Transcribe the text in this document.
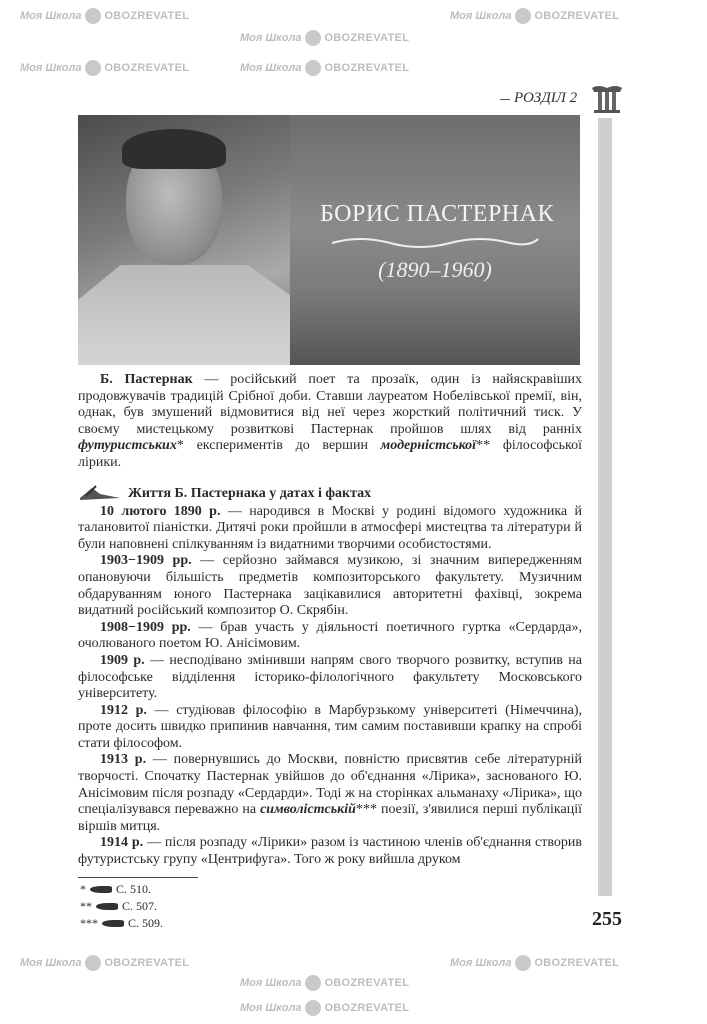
Моя Школа OBOZREVATEL
Моя Школа OBOZREVATEL
Моя Школа OBOZREVATEL
Моя Школа OBOZREVATEL	Моя Школа OBOZREVATEL
Моя Школа OBOZREVATEL
Моя Школа OBOZREVATEL
Моя Школа OBOZREVATEL
Моя Школа OBOZREVATEL
РОЗДІЛ 2
БОРИС ПАСТЕРНАК
(1890–1960)

Б. Пастернак — російський поет та прозаїк, один із найяскравіших продовжувачів традицій Срібної доби. Ставши лауреатом Нобелівської премії, він, однак, був змушений відмовитися від неї через жорсткий політичний тиск. У своєму мистецькому розвиткові Пастернак пройшов шлях від ранніх футуристських* експериментів до вершин модерністської** філософської лірики.

Життя Б. Пастернака у датах і фактах

10 лютого 1890 р. — народився в Москві у родині відомого художника й талановитої піаністки. Дитячі роки пройшли в атмосфері мистецтва та літератури й були наповнені спілкуванням із видатними творчими особистостями.

1903−1909 рр. — серйозно займався музикою, зі значним випередженням опановуючи більшість предметів композиторського факультету. Музичним обдаруванням юного Пастернака зацікавилися авторитетні фахівці, зокрема видатний російський композитор О. Скрябін.

1908−1909 рр. — брав участь у діяльності поетичного гуртка «Сердарда», очолюваного поетом Ю. Анісімовим.

1909 р. — несподівано змінивши напрям свого творчого розвитку, вступив на філософське відділення історико-філологічного факультету Московського університету.

1912 р. — студіював філософію в Марбурзькому університеті (Німеччина), проте досить швидко припинив навчання, тим самим поставивши крапку на спробі стати філософом.

1913 р. — повернувшись до Москви, повністю присвятив себе літературній творчості. Спочатку Пастернак увійшов до об'єднання «Лірика», заснованого Ю. Анісімовим після розпаду «Сердарди». Тоді ж на сторінках альманаху «Лірика», що спеціалізувався переважно на символістській*** поезії, з'явилися перші публікації віршів митця.

1914 р. — після розпаду «Лірики» разом із частиною членів об'єднання створив футуристську групу «Центрифуга». Того ж року вийшла друком

*	С. 510.
**	С. 507.
***	С. 509.	255
